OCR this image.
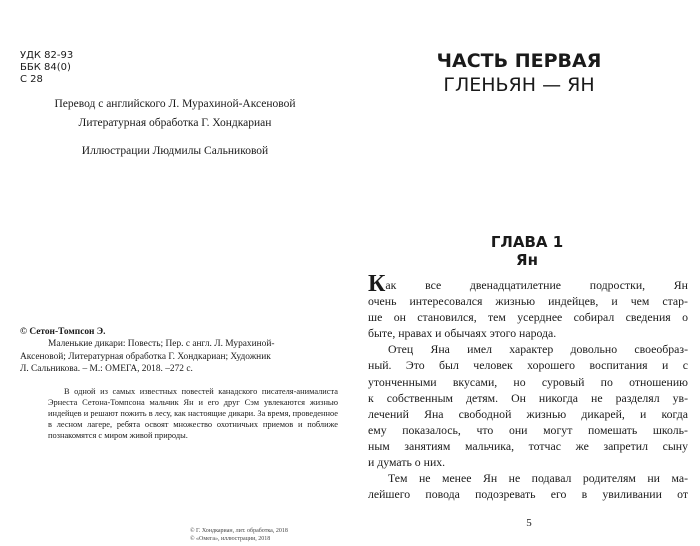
УДК 82-93
ББК 84(0)
С 28
Перевод с английского Л. Мурахиной-Аксеновой
Литературная обработка Г. Хондкариан
Иллюстрации Людмилы Сальниковой
© Сетон-Томпсон Э.
Маленькие дикари: Повесть; Пер. с англ. Л. Мурахиной-
Аксеновой; Литературная обработка Г. Хондкариан; Художник
Л. Сальникова. – М.: ОМЕГА, 2018. –272 с.

В одной из самых известных повестей канадского писателя-анималиста Эрнеста Сетона-Томпсона мальчик Ян и его друг Сэм увлекаются жизнью индейцев и решают пожить в лесу, как настоящие дикари. За время, проведенное в лесном лагере, ребята освоят множество охотничьих приемов и поближе познакомятся с миром живой природы.

© Г. Хондкариан, лит. обработка, 2018
© «Омега», иллюстрации, 2018
ЧАСТЬ ПЕРВАЯ
ГЛЕНЬЯН — ЯН
ГЛАВА 1
Ян
Как все двенадцатилетние подростки, Ян
очень интересовался жизнью индейцев, и чем стар-
ше он становился, тем усерднее собирал сведения о
быте, нравах и обычаях этого народа.
Отец Яна имел характер довольно своеобраз-
ный. Это был человек хорошего воспитания и с
утонченными вкусами, но суровый по отношению
к собственным детям. Он никогда не разделял ув-
лечений Яна свободной жизнью дикарей, и когда
ему показалось, что они могут помешать школь-
ным занятиям мальчика, тотчас же запретил сыну
и думать о них.
Тем не менее Ян не подавал родителям ни ма-
лейшего повода подозревать его в увиливании от
5
